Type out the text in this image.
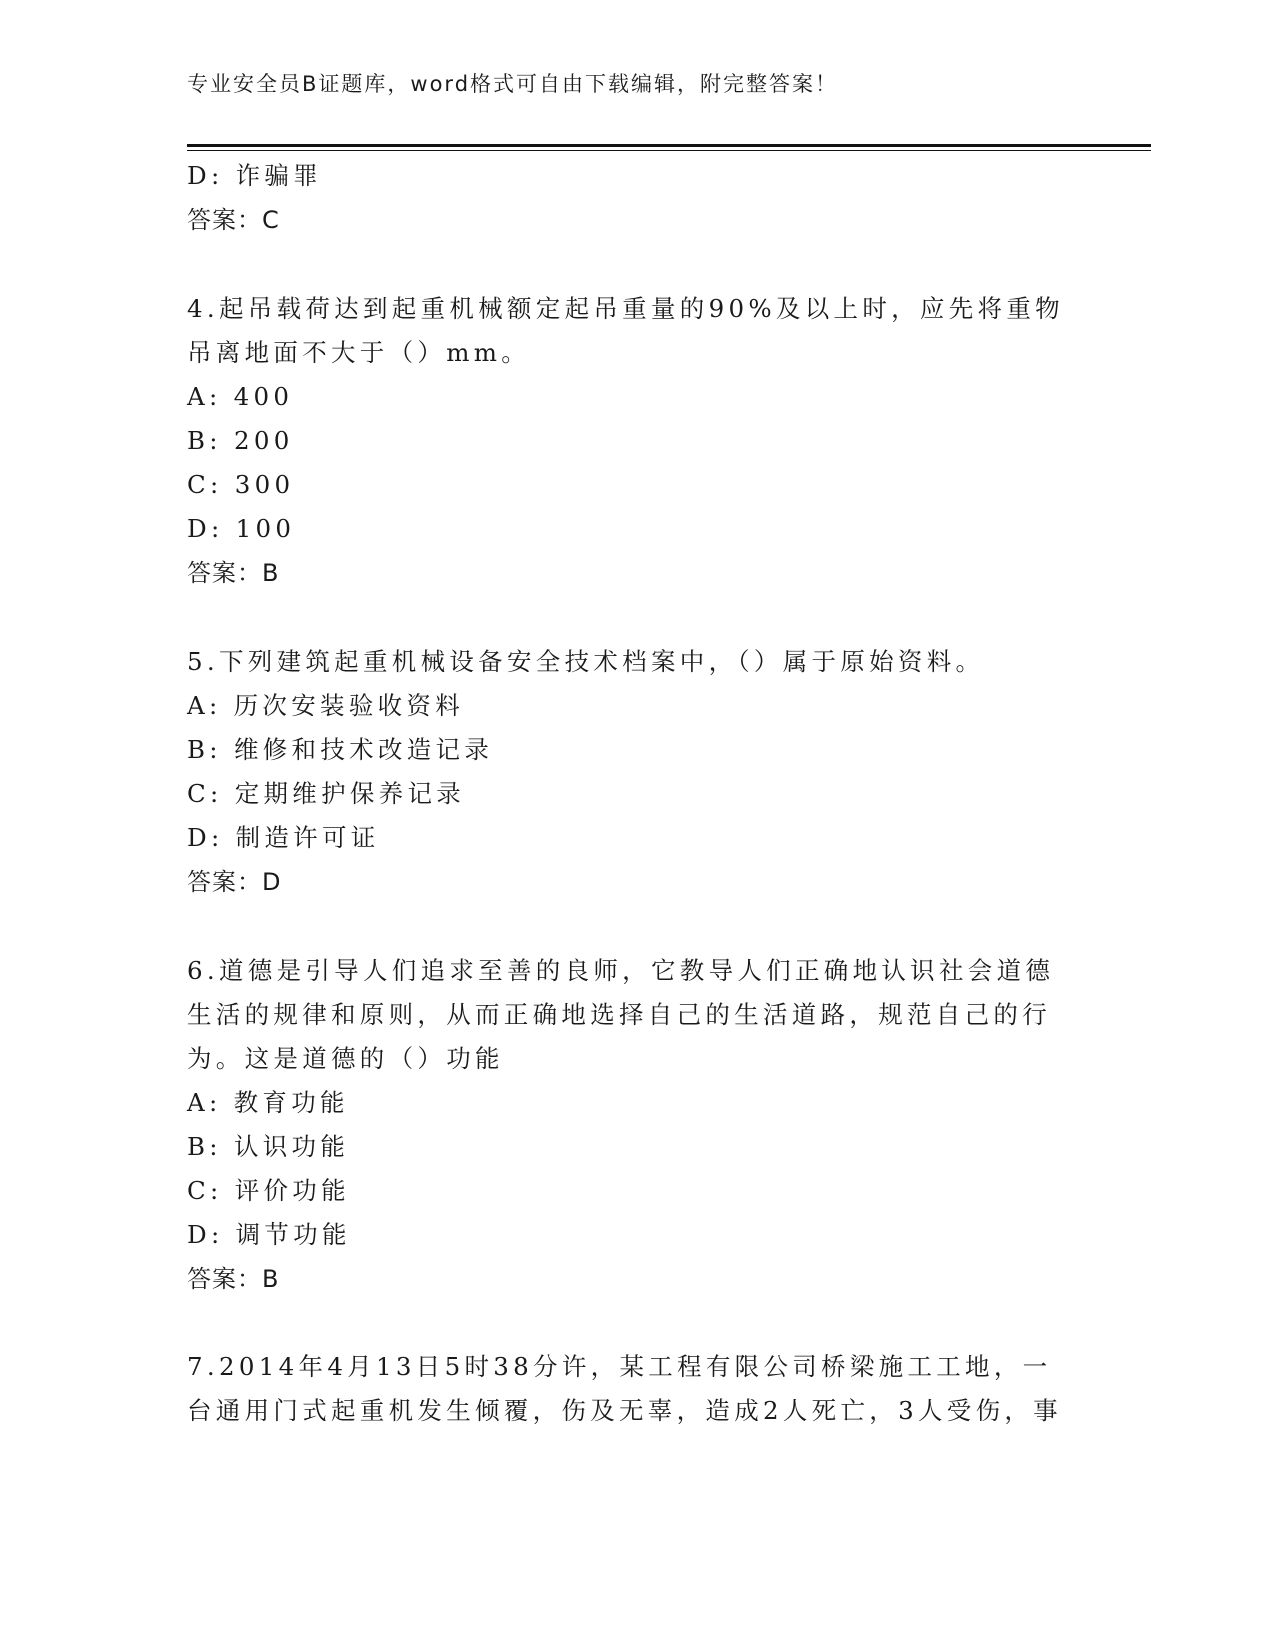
专业安全员B证题库，word格式可自由下载编辑，附完整答案！
D: 诈骗罪
答案：C
4.起吊载荷达到起重机械额定起吊重量的90%及以上时，应先将重物
吊离地面不大于（）mm。
A: 400
B: 200
C: 300
D: 100
答案：B
5.下列建筑起重机械设备安全技术档案中，（）属于原始资料。
A: 历次安装验收资料
B: 维修和技术改造记录
C: 定期维护保养记录
D: 制造许可证
答案：D
6.道德是引导人们追求至善的良师，它教导人们正确地认识社会道德
生活的规律和原则，从而正确地选择自己的生活道路，规范自己的行
为。这是道德的（）功能
A: 教育功能
B: 认识功能
C: 评价功能
D: 调节功能
答案：B
7.2014年4月13日5时38分许，某工程有限公司桥梁施工工地，一
台通用门式起重机发生倾覆，伤及无辜，造成2人死亡，3人受伤，事
